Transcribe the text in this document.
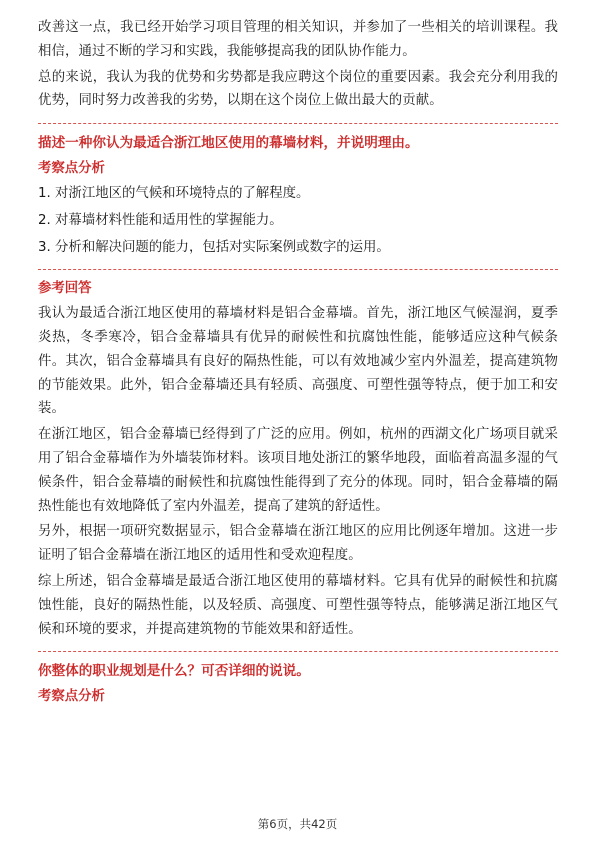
改善这一点，我已经开始学习项目管理的相关知识，并参加了一些相关的培训课程。我相信，通过不断的学习和实践，我能够提高我的团队协作能力。

总的来说，我认为我的优势和劣势都是我应聘这个岗位的重要因素。我会充分利用我的优势，同时努力改善我的劣势，以期在这个岗位上做出最大的贡献。

描述一种你认为最适合浙江地区使用的幕墙材料，并说明理由。
考察点分析
1. 对浙江地区的气候和环境特点的了解程度。
2. 对幕墙材料性能和适用性的掌握能力。
3. 分析和解决问题的能力，包括对实际案例或数字的运用。
参考回答

我认为最适合浙江地区使用的幕墙材料是铝合金幕墙。首先，浙江地区气候湿润，夏季炎热，冬季寒冷，铝合金幕墙具有优异的耐候性和抗腐蚀性能，能够适应这种气候条件。其次，铝合金幕墙具有良好的隔热性能，可以有效地减少室内外温差，提高建筑物的节能效果。此外，铝合金幕墙还具有轻质、高强度、可塑性强等特点，便于加工和安装。

在浙江地区，铝合金幕墙已经得到了广泛的应用。例如，杭州的西湖文化广场项目就采用了铝合金幕墙作为外墙装饰材料。该项目地处浙江的繁华地段，面临着高温多湿的气候条件，铝合金幕墙的耐候性和抗腐蚀性能得到了充分的体现。同时，铝合金幕墙的隔热性能也有效地降低了室内外温差，提高了建筑的舒适性。

另外，根据一项研究数据显示，铝合金幕墙在浙江地区的应用比例逐年增加。这进一步证明了铝合金幕墙在浙江地区的适用性和受欢迎程度。

综上所述，铝合金幕墙是最适合浙江地区使用的幕墙材料。它具有优异的耐候性和抗腐蚀性能，良好的隔热性能，以及轻质、高强度、可塑性强等特点，能够满足浙江地区气候和环境的要求，并提高建筑物的节能效果和舒适性。

你整体的职业规划是什么？可否详细的说说。
考察点分析
第6页，共42页
